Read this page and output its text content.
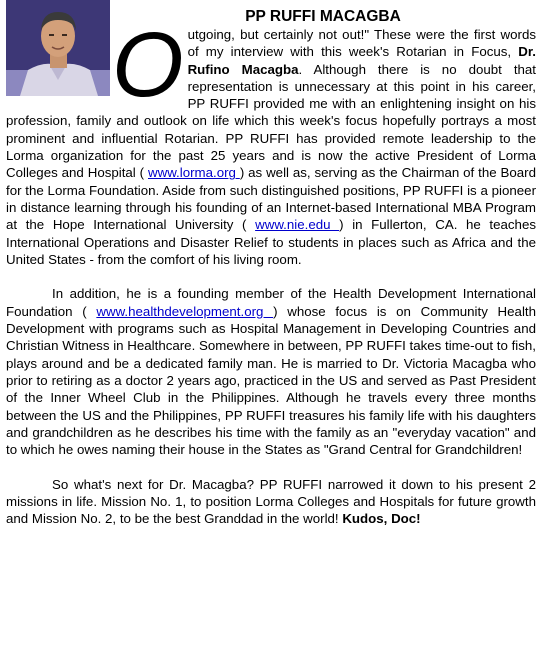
PP RUFFI MACAGBA

Outgoing, but certainly not out!" These were the first words of my interview with this week's Rotarian in Focus, Dr. Rufino Macagba. Although there is no doubt that representation is unnecessary at this point in his career, PP RUFFI provided me with an enlightening insight on his profession, family and outlook on life which this week's focus hopefully portrays a most prominent and influential Rotarian. PP RUFFI has provided remote leadership to the Lorma organization for the past 25 years and is now the active President of Lorma Colleges and Hospital ( www.lorma.org ) as well as, serving as the Chairman of the Board for the Lorma Foundation. Aside from such distinguished positions, PP RUFFI is a pioneer in distance learning through his founding of an Internet-based International MBA Program at the Hope International University ( www.nie.edu ) in Fullerton, CA. he teaches International Operations and Disaster Relief to students in places such as Africa and the United States - from the comfort of his living room.

In addition, he is a founding member of the Health Development International Foundation ( www.healthdevelopment.org ) whose focus is on Community Health Development with programs such as Hospital Management in Developing Countries and Christian Witness in Healthcare. Somewhere in between, PP RUFFI takes time-out to fish, plays around and be a dedicated family man. He is married to Dr. Victoria Macagba who prior to retiring as a doctor 2 years ago, practiced in the US and served as Past President of the Inner Wheel Club in the Philippines. Although he travels every three months between the US and the Philippines, PP RUFFI treasures his family life with his daughters and grandchildren as he describes his time with the family as an "everyday vacation" and to which he owes naming their house in the States as "Grand Central for Grandchildren!

So what's next for Dr. Macagba? PP RUFFI narrowed it down to his present 2 missions in life. Mission No. 1, to position Lorma Colleges and Hospitals for future growth and Mission No. 2, to be the best Granddad in the world! Kudos, Doc!
